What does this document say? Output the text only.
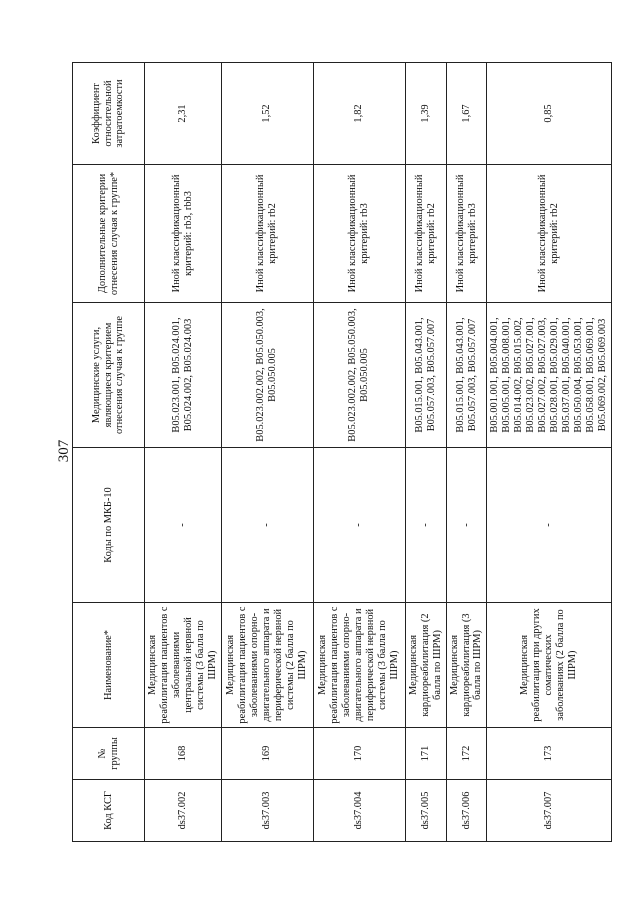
307
Код КСГ	№ группы	Наименование*	Коды по МКБ-10	Медицинские услуги, являющиеся критерием отнесения случая к группе	Дополнительные критерии отнесения случая к группе*	Коэффициент относительной затратоемкости
ds37.002	168	Медицинская реабилитация пациентов с заболеваниями центральной нервной системы (3 балла по ШРМ)	-	B05.023.001, B05.024.001, B05.024.002, B05.024.003	Иной классификационный критерий: rb3, rbb3	2,31
ds37.003	169	Медицинская реабилитация пациентов с заболеваниями опорно-двигательного аппарата и периферической нервной системы (2 балла по ШРМ)	-	B05.023.002.002, B05.050.003, B05.050.005	Иной классификационный критерий: rb2	1,52
ds37.004	170	Медицинская реабилитация пациентов с заболеваниями опорно-двигательного аппарата и периферической нервной системы (3 балла по ШРМ)	-	B05.023.002.002, B05.050.003, B05.050.005	Иной классификационный критерий: rb3	1,82
ds37.005	171	Медицинская кардиореабилитация (2 балла по ШРМ)	-	B05.015.001, B05.043.001, B05.057.003, B05.057.007	Иной классификационный критерий: rb2	1,39
ds37.006	172	Медицинская кардиореабилитация (3 балла по ШРМ)	-	B05.015.001, B05.043.001, B05.057.003, B05.057.007	Иной классификационный критерий: rb3	1,67
ds37.007	173	Медицинская реабилитация при других соматических заболеваниях (2 балла по ШРМ)	-	B05.001.001, B05.004.001, B05.005.001, B05.008.001, B05.014.002, B05.015.002, B05.023.002, B05.027.001, B05.027.002, B05.027.003, B05.028.001, B05.029.001, B05.037.001, B05.040.001, B05.050.004, B05.053.001, B05.058.001, B05.069.001, B05.069.002, B05.069.003	Иной классификационный критерий: rb2	0,85
